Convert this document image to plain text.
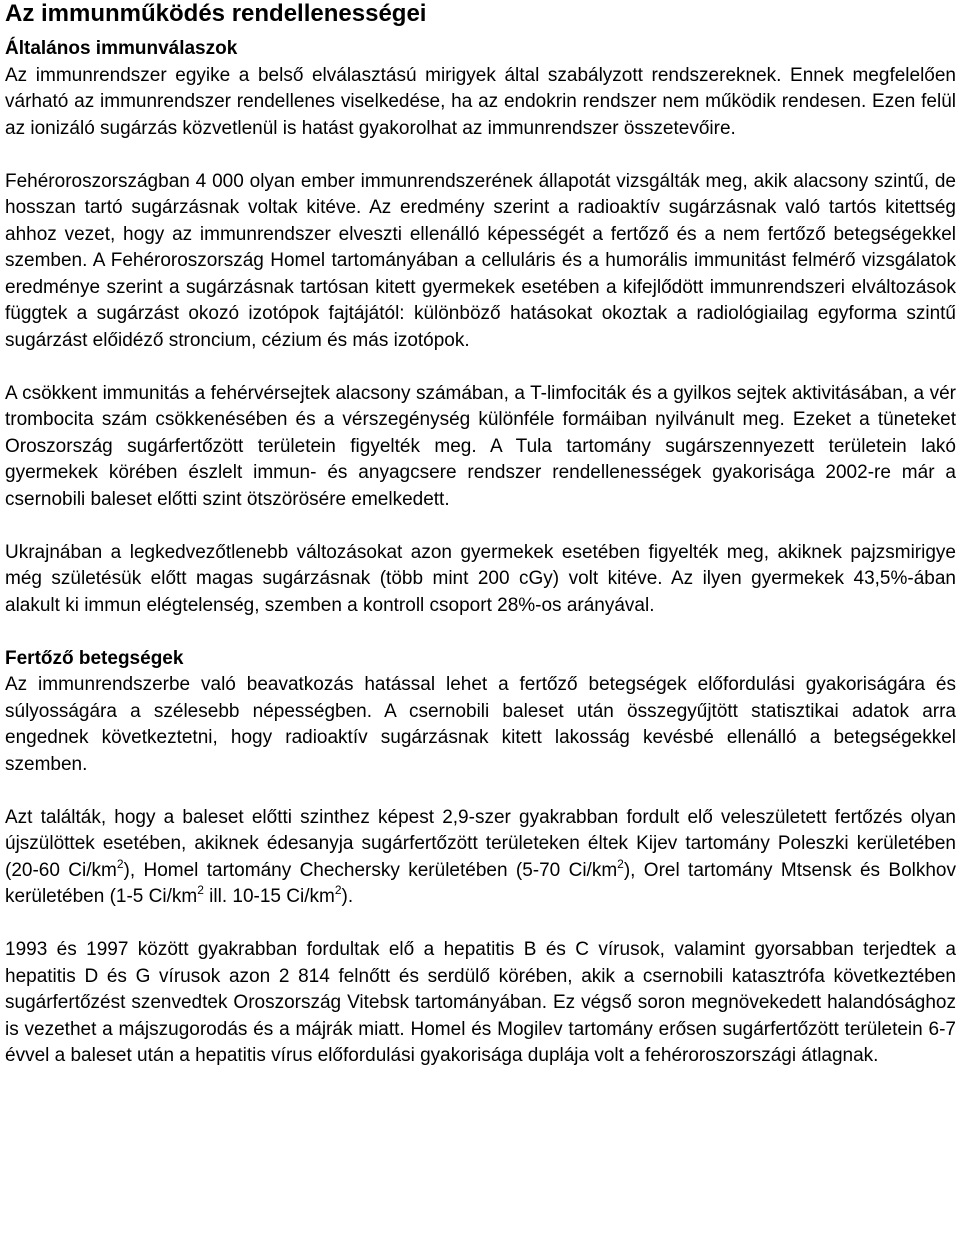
Az immunműködés rendellenességei
Általános immunválaszok

Az immunrendszer egyike a belső elválasztású mirigyek által szabályzott rendszereknek. Ennek megfelelően várható az immunrendszer rendellenes viselkedése, ha az endokrin rendszer nem működik rendesen. Ezen felül az ionizáló sugárzás közvetlenül is hatást gyakorolhat az immunrendszer összetevőire.

Fehéroroszországban 4 000 olyan ember immunrendszerének állapotát vizsgálták meg, akik alacsony szintű, de hosszan tartó sugárzásnak voltak kitéve. Az eredmény szerint a radioaktív sugárzásnak való tartós kitettség ahhoz vezet, hogy az immunrendszer elveszti ellenálló képességét a fertőző és a nem fertőző betegségekkel szemben. A Fehéroroszország Homel tartományában a celluláris és a humorális immunitást felmérő vizsgálatok eredménye szerint a sugárzásnak tartósan kitett gyermekek esetében a kifejlődött immunrendszeri elváltozások függtek a sugárzást okozó izotópok fajtájától: különböző hatásokat okoztak a radiológiailag egyforma szintű sugárzást előidéző stroncium, cézium és más izotópok.

A csökkent immunitás a fehérvérsejtek alacsony számában, a T-limfociták és a gyilkos sejtek aktivitásában, a vér trombocita szám csökkenésében és a vérszegénység különféle formáiban nyilvánult meg. Ezeket a tüneteket Oroszország sugárfertőzött területein figyelték meg. A Tula tartomány sugárszennyezett területein lakó gyermekek körében észlelt immun- és anyagcsere rendszer rendellenességek gyakorisága 2002-re már a csernobili baleset előtti szint ötszörösére emelkedett.

Ukrajnában a legkedvezőtlenebb változásokat azon gyermekek esetében figyelték meg, akiknek pajzsmirigye még születésük előtt magas sugárzásnak (több mint 200 cGy) volt kitéve. Az ilyen gyermekek 43,5%-ában alakult ki immun elégtelenség, szemben a kontroll csoport 28%-os arányával.

Fertőző betegségek

Az immunrendszerbe való beavatkozás hatással lehet a fertőző betegségek előfordulási gyakoriságára és súlyosságára a szélesebb népességben. A csernobili baleset után összegyűjtött statisztikai adatok arra engednek következtetni, hogy radioaktív sugárzásnak kitett lakosság kevésbé ellenálló a betegségekkel szemben.

Azt találták, hogy a baleset előtti szinthez képest 2,9-szer gyakrabban fordult elő veleszületett fertőzés olyan újszülöttek esetében, akiknek édesanyja sugárfertőzött területeken éltek Kijev tartomány Poleszki kerületében (20-60 $Ci/km^2$), Homel tartomány Chechersky kerületében (5-70 $Ci/km^2$), Orel tartomány Mtsensk és Bolkhov kerületében (1-5 $Ci/km^2$ ill. 10-15 $Ci/km^2$).

1993 és 1997 között gyakrabban fordultak elő a hepatitis B és C vírusok, valamint gyorsabban terjedtek a hepatitis D és G vírusok azon 2 814 felnőtt és serdülő körében, akik a csernobili katasztrófa következtében sugárfertőzést szenvedtek Oroszország Vitebsk tartományában. Ez végső soron megnövekedett halandósághoz is vezethet a májszugorodás és a májrák miatt. Homel és Mogilev tartomány erősen sugárfertőzött területein 6-7 évvel a baleset után a hepatitis vírus előfordulási gyakorisága duplája volt a fehéroroszországi átlagnak.
